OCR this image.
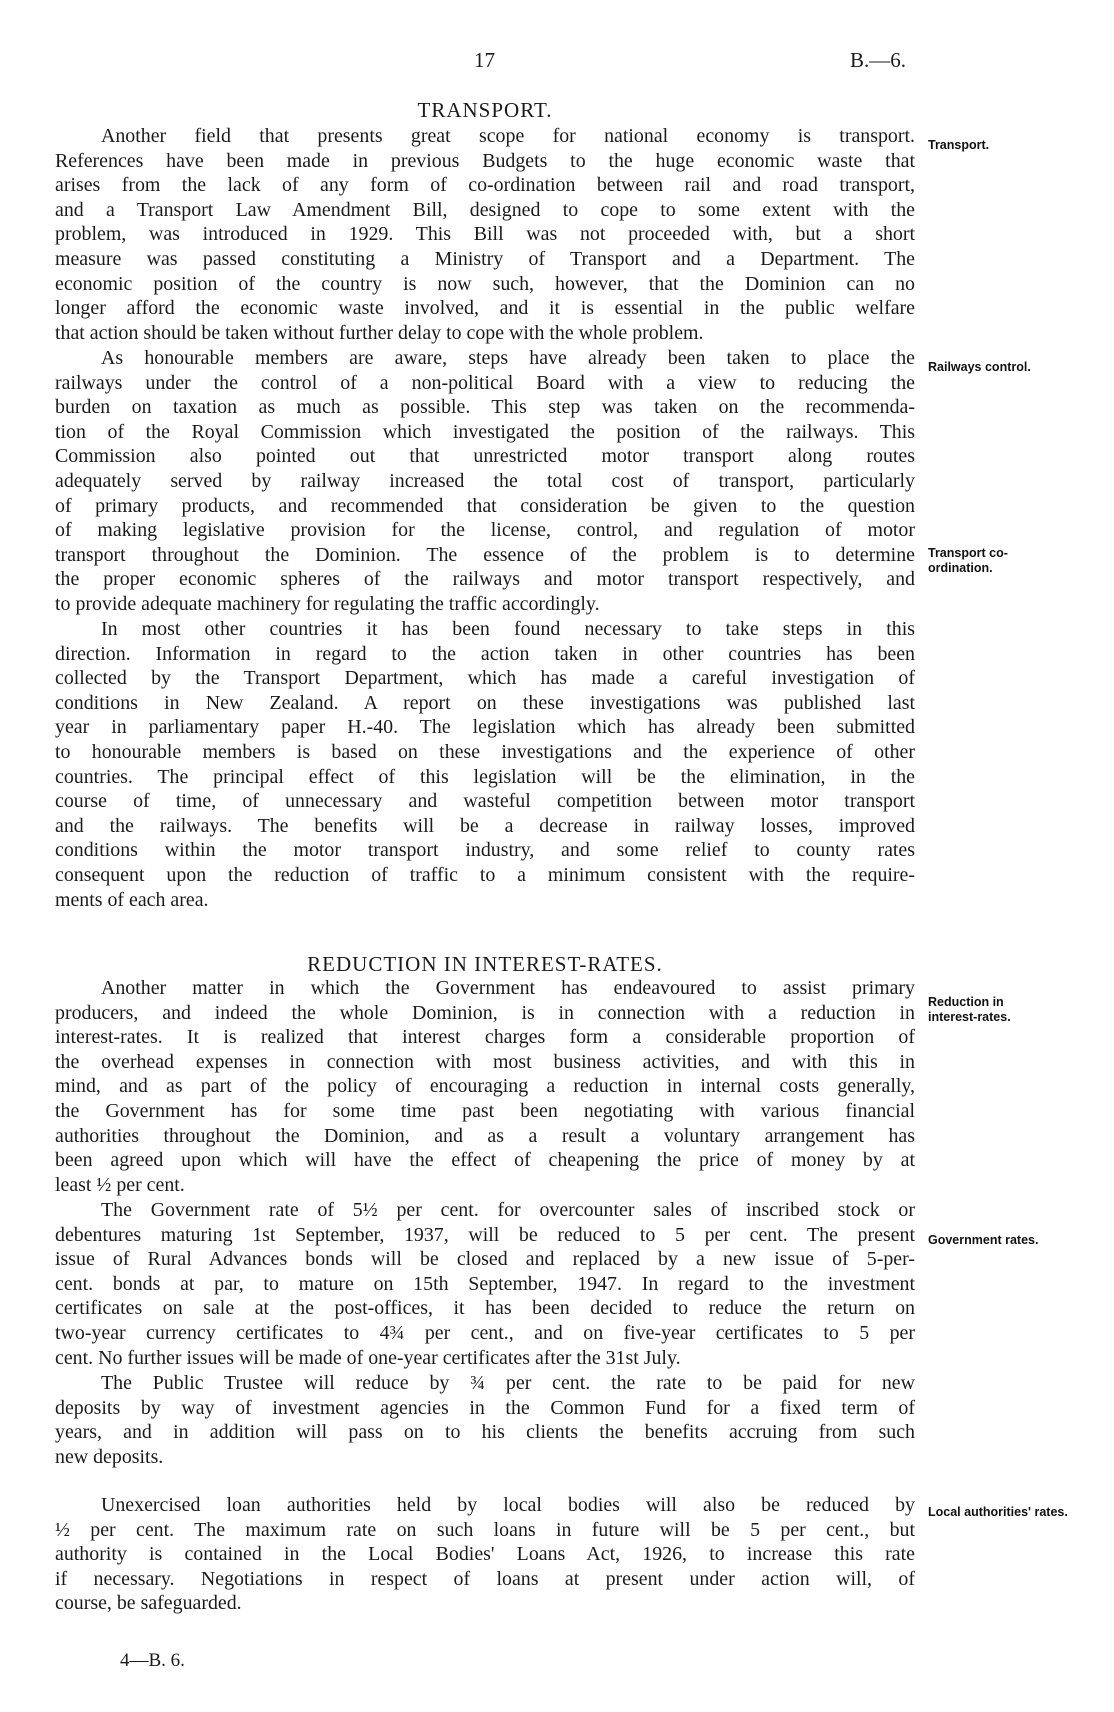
17	B.—6.
TRANSPORT.
Another field that presents great scope for national economy is transport.
References have been made in previous Budgets to the huge economic waste that
arises from the lack of any form of co-ordination between rail and road transport,
and a Transport Law Amendment Bill, designed to cope to some extent with the
problem, was introduced in 1929. This Bill was not proceeded with, but a short
measure was passed constituting a Ministry of Transport and a Department. The
economic position of the country is now such, however, that the Dominion can no
longer afford the economic waste involved, and it is essential in the public welfare
that action should be taken without further delay to cope with the whole problem.
As honourable members are aware, steps have already been taken to place the
railways under the control of a non-political Board with a view to reducing the
burden on taxation as much as possible. This step was taken on the recommenda-
tion of the Royal Commission which investigated the position of the railways. This
Commission also pointed out that unrestricted motor transport along routes
adequately served by railway increased the total cost of transport, particularly
of primary products, and recommended that consideration be given to the question
of making legislative provision for the license, control, and regulation of motor
transport throughout the Dominion. The essence of the problem is to determine
the proper economic spheres of the railways and motor transport respectively, and
to provide adequate machinery for regulating the traffic accordingly.
In most other countries it has been found necessary to take steps in this
direction. Information in regard to the action taken in other countries has been
collected by the Transport Department, which has made a careful investigation of
conditions in New Zealand. A report on these investigations was published last
year in parliamentary paper H.-40. The legislation which has already been submitted
to honourable members is based on these investigations and the experience of other
countries. The principal effect of this legislation will be the elimination, in the
course of time, of unnecessary and wasteful competition between motor transport
and the railways. The benefits will be a decrease in railway losses, improved
conditions within the motor transport industry, and some relief to county rates
consequent upon the reduction of traffic to a minimum consistent with the require-
ments of each area.
REDUCTION IN INTEREST-RATES.
Another matter in which the Government has endeavoured to assist primary
producers, and indeed the whole Dominion, is in connection with a reduction in
interest-rates. It is realized that interest charges form a considerable proportion of
the overhead expenses in connection with most business activities, and with this in
mind, and as part of the policy of encouraging a reduction in internal costs generally,
the Government has for some time past been negotiating with various financial
authorities throughout the Dominion, and as a result a voluntary arrangement has
been agreed upon which will have the effect of cheapening the price of money by at
least ½ per cent.
The Government rate of 5½ per cent. for overcounter sales of inscribed stock or
debentures maturing 1st September, 1937, will be reduced to 5 per cent. The present
issue of Rural Advances bonds will be closed and replaced by a new issue of 5-per-
cent. bonds at par, to mature on 15th September, 1947. In regard to the investment
certificates on sale at the post-offices, it has been decided to reduce the return on
two-year currency certificates to 4¾ per cent., and on five-year certificates to 5 per
cent. No further issues will be made of one-year certificates after the 31st July.
The Public Trustee will reduce by ¾ per cent. the rate to be paid for new
deposits by way of investment agencies in the Common Fund for a fixed term of
years, and in addition will pass on to his clients the benefits accruing from such
new deposits.
Unexercised loan authorities held by local bodies will also be reduced by
½ per cent. The maximum rate on such loans in future will be 5 per cent., but
authority is contained in the Local Bodies' Loans Act, 1926, to increase this rate
if necessary. Negotiations in respect of loans at present under action will, of
course, be safeguarded.
Transport.
Railways control.
Transport co-ordination.
Reduction in interest-rates.
Government rates.
Local authorities' rates.
4—B. 6.
